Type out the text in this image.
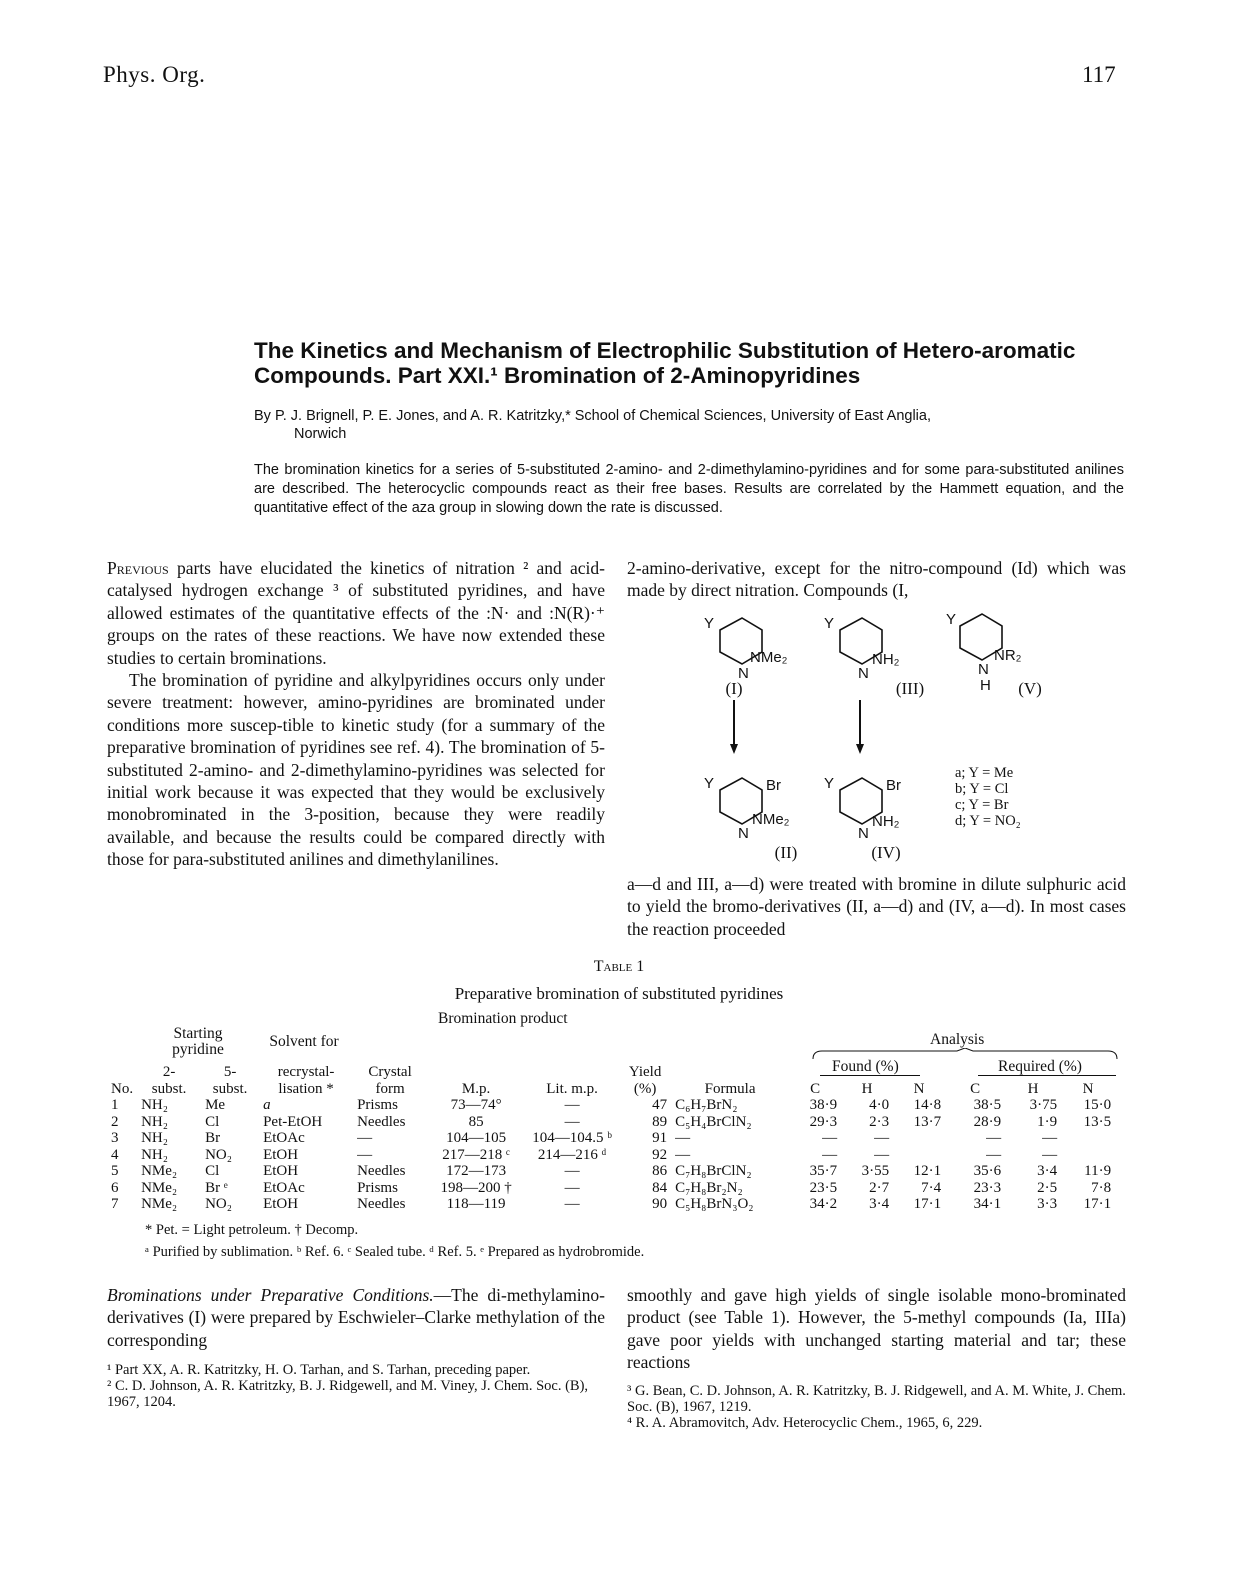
Phys. Org.	117
The Kinetics and Mechanism of Electrophilic Substitution of Hetero-aromatic Compounds. Part XXI.¹ Bromination of 2-Aminopyridines
By P. J. Brignell, P. E. Jones, and A. R. Katritzky,* School of Chemical Sciences, University of East Anglia,
Norwich
The bromination kinetics for a series of 5-substituted 2-amino- and 2-dimethylamino-pyridines and for some para-substituted anilines are described. The heterocyclic compounds react as their free bases. Results are correlated by the Hammett equation, and the quantitative effect of the aza group in slowing down the rate is discussed.

Previous parts have elucidated the kinetics of nitration ² and acid-catalysed hydrogen exchange ³ of substituted pyridines, and have allowed estimates of the quantitative effects of the :N· and :N(R)·⁺ groups on the rates of these reactions. We have now extended these studies to certain brominations.

The bromination of pyridine and alkylpyridines occurs only under severe treatment: however, amino-pyridines are brominated under conditions more suscep-tible to kinetic study (for a summary of the preparative bromination of pyridines see ref. 4). The bromination of 5-substituted 2-amino- and 2-dimethylamino-pyridines was selected for initial work because it was expected that they would be exclusively monobrominated in the 3-position, because they were readily available, and because the results could be compared directly with those for para-substituted anilines and dimethylanilines.

2-amino-derivative, except for the nitro-compound (Id) which was made by direct nitration. Compounds (I,
Y	Y	Y
Y	Y
N	N	N
H
N	N
Br	Br
NMe₂	NH₂	NR₂
NMe₂	NH₂
(I)	(III)	(V)
(II)	(IV)
a; Y = Me
b; Y = Cl
c; Y = Br
d; Y = NO₂
a—d and III, a—d) were treated with bromine in dilute sulphuric acid to yield the bromo-derivatives (II, a—d) and (IV, a—d). In most cases the reaction proceeded
Table 1
Preparative bromination of substituted pyridines
Bromination product
Starting pyridine	Solvent for	Analysis
Found (%)	Required (%)
	2-	5-	recrystal-	Crystal			Yield							
No.	subst.	subst.	lisation *	form	M.p.	Lit. m.p.	(%)	Formula	C	H	N	C	H	N
1	NH₂	Me	a	Prisms	73—74°	—	47	C₆H₇BrN₂	38·9	4·0	14·8	38·5	3·75	15·0
2	NH₂	Cl	Pet-EtOH	Needles	85	—	89	C₅H₄BrClN₂	29·3	2·3	13·7	28·9	1·9	13·5
3	NH₂	Br	EtOAc	—	104—105	104—104.5 ᵇ	91	—	—	—		—	—	
4	NH₂	NO₂	EtOH	—	217—218 ᶜ	214—216 ᵈ	92	—	—	—		—	—	
5	NMe₂	Cl	EtOH	Needles	172—173	—	86	C₇H₈BrClN₂	35·7	3·55	12·1	35·6	3·4	11·9
6	NMe₂	Br ᵉ	EtOAc	Prisms	198—200 †	—	84	C₇H₈Br₂N₂	23·5	2·7	7·4	23·3	2·5	7·8
7	NMe₂	NO₂	EtOH	Needles	118—119	—	90	C₅H₈BrN₃O₂	34·2	3·4	17·1	34·1	3·3	17·1
* Pet. = Light petroleum. † Decomp.
ᵃ Purified by sublimation. ᵇ Ref. 6. ᶜ Sealed tube. ᵈ Ref. 5. ᵉ Prepared as hydrobromide.
Brominations under Preparative Conditions.—The di-methylamino-derivatives (I) were prepared by Eschwieler–Clarke methylation of the corresponding
¹ Part XX, A. R. Katritzky, H. O. Tarhan, and S. Tarhan, preceding paper.
² C. D. Johnson, A. R. Katritzky, B. J. Ridgewell, and M. Viney, J. Chem. Soc. (B), 1967, 1204.
smoothly and gave high yields of single isolable mono-brominated product (see Table 1). However, the 5-methyl compounds (Ia, IIIa) gave poor yields with unchanged starting material and tar; these reactions
³ G. Bean, C. D. Johnson, A. R. Katritzky, B. J. Ridgewell, and A. M. White, J. Chem. Soc. (B), 1967, 1219.
⁴ R. A. Abramovitch, Adv. Heterocyclic Chem., 1965, 6, 229.
